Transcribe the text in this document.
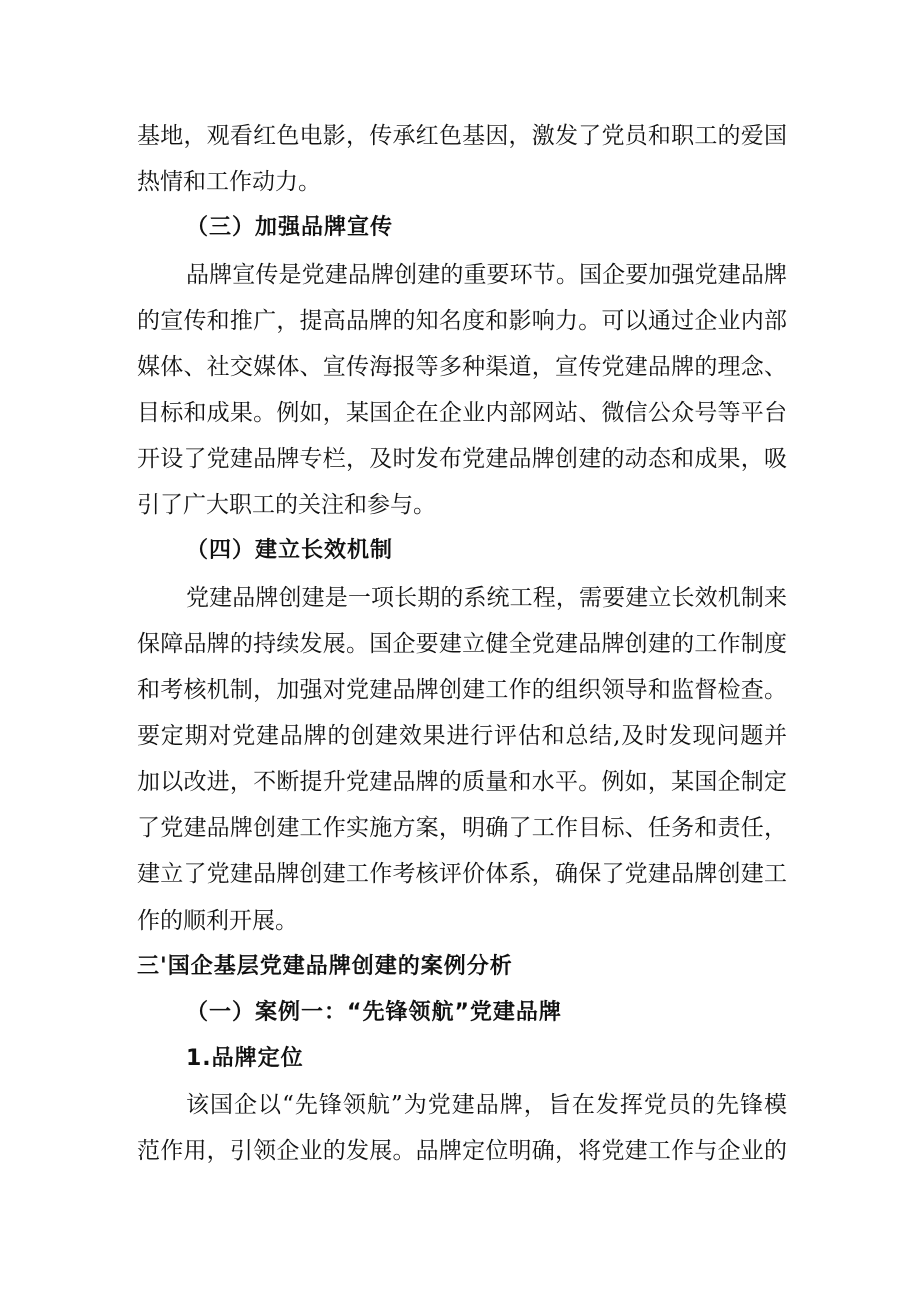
基地，观看红色电影，传承红色基因，激发了党员和职工的爱国
热情和工作动力。
（三）加强品牌宣传
品牌宣传是党建品牌创建的重要环节。国企要加强党建品牌
的宣传和推广，提高品牌的知名度和影响力。可以通过企业内部
媒体、社交媒体、宣传海报等多种渠道，宣传党建品牌的理念、
目标和成果。例如，某国企在企业内部网站、微信公众号等平台
开设了党建品牌专栏，及时发布党建品牌创建的动态和成果，吸
引了广大职工的关注和参与。
（四）建立长效机制
党建品牌创建是一项长期的系统工程，需要建立长效机制来
保障品牌的持续发展。国企要建立健全党建品牌创建的工作制度
和考核机制，加强对党建品牌创建工作的组织领导和监督检查。
要定期对党建品牌的创建效果进行评估和总结,及时发现问题并
加以改进，不断提升党建品牌的质量和水平。例如，某国企制定
了党建品牌创建工作实施方案，明确了工作目标、任务和责任，
建立了党建品牌创建工作考核评价体系，确保了党建品牌创建工
作的顺利开展。
三'国企基层党建品牌创建的案例分析
（一）案例一：“先锋领航”党建品牌
1.品牌定位
该国企以“先锋领航”为党建品牌，旨在发挥党员的先锋模
范作用，引领企业的发展。品牌定位明确，将党建工作与企业的
